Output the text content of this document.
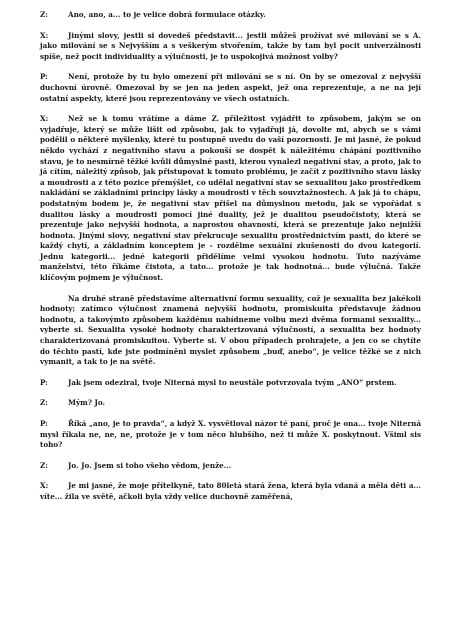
Z:	Ano, ano, a... to je velice dobrá formulace otázky.

X:	Jinými slovy, jestli si dovedeš představit... jestli můžeš prožívat své milování se s A. jako milování se s Nejvyšším a s veškerým stvořením, takže by tam byl pocit univerzálnosti spíše, než pocit individuality a výlučnosti, je to uspokojivá možnost volby?

P:	Není, protože by tu bylo omezení při milování se s ní. On by se omezoval z nejvyšší duchovní úrovně. Omezoval by se jen na jeden aspekt, jež ona reprezentuje, a ne na její ostatní aspekty, které jsou reprezentovány ve všech ostatních.

X:	Než se k tomu vrátíme a dáme Z. příležitost vyjádřit to způsobem, jakým se on vyjadřuje, který se může lišit od způsobu, jak to vyjadřuji já, dovolte mi, abych se s vámi podělil o některé myšlenky, které tu postupně uvedu do vaší pozornosti. Je mi jasné, že pokud někdo vychází z negativního stavu a pokouší se dospět k náležitému chápání pozitivního stavu, je to nesmírně těžké kvůli důmyslné pasti, kterou vynalezl negativní stav, a proto, jak to já cítím, náležitý způsob, jak přistupovat k tomuto problému, je začít z pozitivního stavu lásky a moudrosti a z této pozice přemýšlet, co udělal negativní stav se sexualitou jako prostředkem nakládání se základními principy lásky a moudrosti v těch souvztažnostech. A jak já to chápu, podstatným bodem je, že negativní stav přišel na důmyslnou metodu, jak se vypořádat s dualitou lásky a moudrosti pomocí jiné duality, jež je dualitou pseudočistoty, která se prezentuje jako nejvyšší hodnota, a naprostou ohavností, která se prezentuje jako nejnižší hodnota. Jinými slovy, negativní stav překrucuje sexualitu prostřednictvím pasti, do které se každý chytí, a základním konceptem je - rozdělme sexuální zkušenosti do dvou kategorií. Jednu kategorii... jedné kategorii přidělíme velmi vysokou hodnotu. Tuto nazýváme manželství, této říkáme čistota, a tato... protože je tak hodnotná... bude výlučná. Takže klíčovým pojmem je výlučnost.

Na druhé straně představíme alternativní formu sexuality, což je sexualita bez jakékoli hodnoty; zatímco výlučnost znamená nejvyšší hodnotu, promiskuita představuje žádnou hodnotu, a takovýmto způsobem každému nabídneme volbu mezi dvěma formami sexuality... vyberte si. Sexualita vysoké hodnoty charakterizovaná výlučností, a sexualita bez hodnoty charakterizovaná promiskuitou. Vyberte si. V obou případech prohrajete, a jen co se chytíte do těchto pastí, kde jste podmíněni myslet způsobem „buď, anebo“, je velice těžké se z nich vymanit, a tak to je na světě.

P:	Jak jsem odeziral, tvoje Niterná mysl to neustále potvrzovala tvým „ANO“ prstem.

Z:	Mým? Jo.

P:	Říká „ano, je to pravda“, a když X. vysvětloval názor té paní, proč je ona... tvoje Niterná mysl říkala ne, ne, ne, protože je v tom něco hlubšího, než ti může X. poskytnout. Všiml sis toho?

Z:	Jo. Jo. Jsem si toho všeho vědom, jenže...

X:	Je mi jasné, že moje přítelkyně, tato 80letá stará žena, která byla vdaná a měla děti a... víte... žila ve světě, ačkoli byla vždy velice duchovně zaměřená,
